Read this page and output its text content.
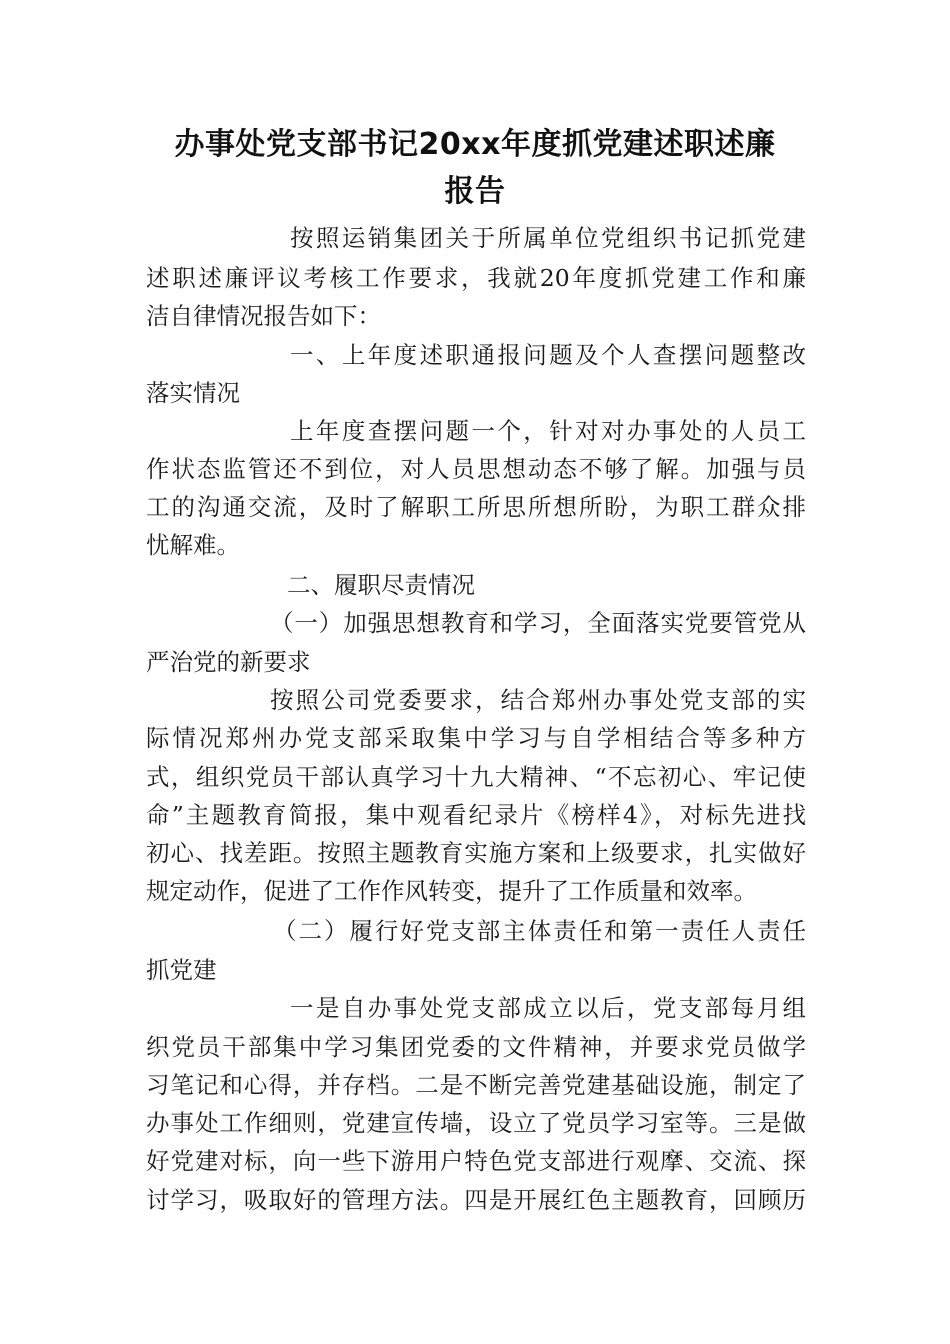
办事处党支部书记20xx年度抓党建述职述廉
报告
按照运销集团关于所属单位党组织书记抓党建
述职述廉评议考核工作要求，我就20年度抓党建工作和廉
洁自律情况报告如下：
一、上年度述职通报问题及个人查摆问题整改
落实情况
上年度查摆问题一个，针对对办事处的人员工
作状态监管还不到位，对人员思想动态不够了解。加强与员
工的沟通交流，及时了解职工所思所想所盼，为职工群众排
忧解难。
二、履职尽责情况
（一）加强思想教育和学习，全面落实党要管党从
严治党的新要求
按照公司党委要求，结合郑州办事处党支部的实
际情况郑州办党支部采取集中学习与自学相结合等多种方
式，组织党员干部认真学习十九大精神、“不忘初心、牢记使
命”主题教育简报，集中观看纪录片《榜样4》，对标先进找
初心、找差距。按照主题教育实施方案和上级要求，扎实做好
规定动作，促进了工作作风转变，提升了工作质量和效率。
（二）履行好党支部主体责任和第一责任人责任
抓党建
一是自办事处党支部成立以后，党支部每月组
织党员干部集中学习集团党委的文件精神，并要求党员做学
习笔记和心得，并存档。二是不断完善党建基础设施，制定了
办事处工作细则，党建宣传墙，设立了党员学习室等。三是做
好党建对标，向一些下游用户特色党支部进行观摩、交流、探
讨学习，吸取好的管理方法。四是开展红色主题教育，回顾历
